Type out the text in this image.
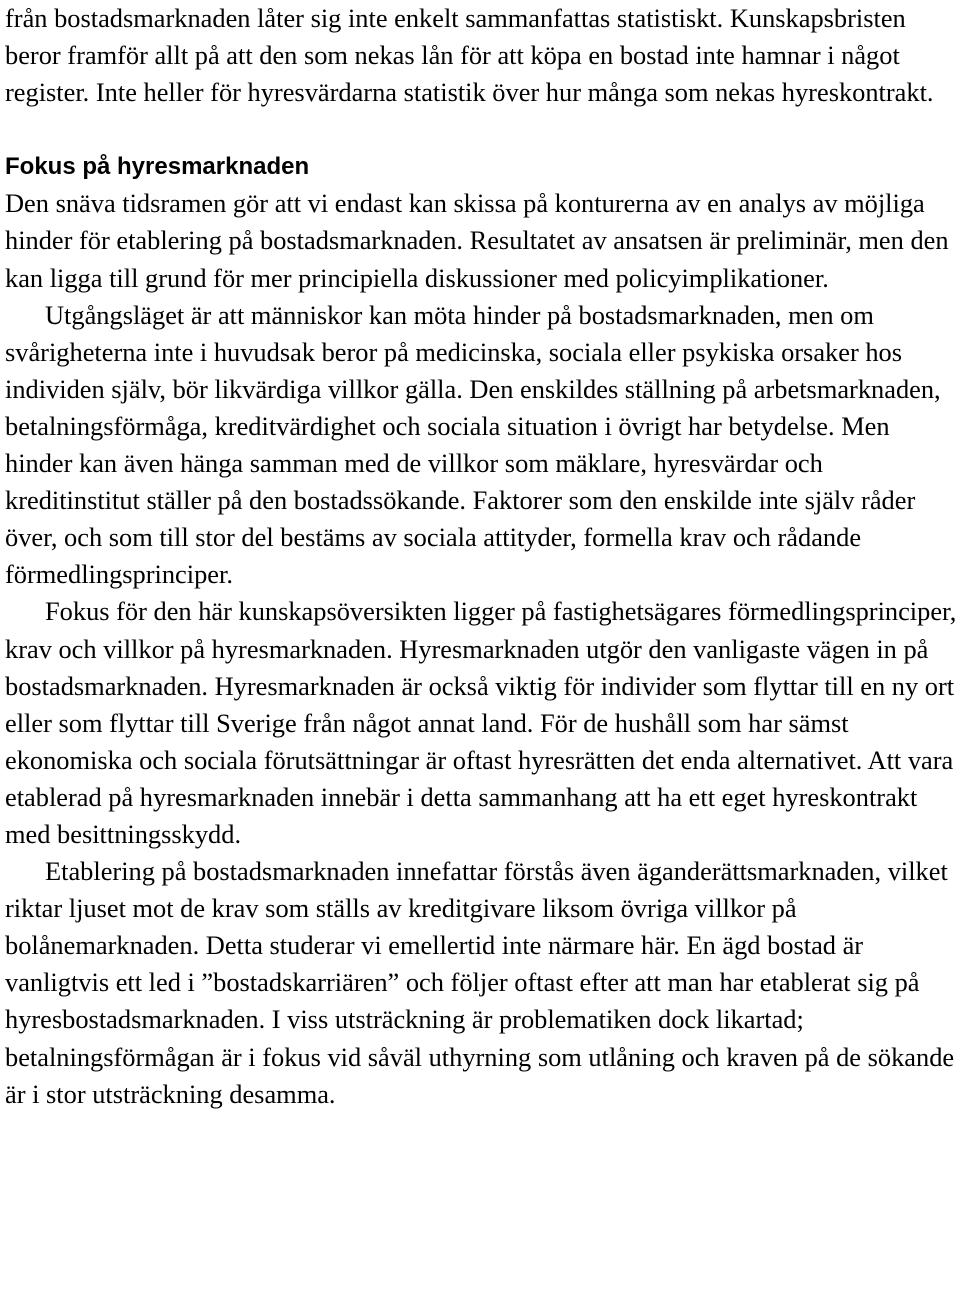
från bostadsmarknaden låter sig inte enkelt sammanfattas statistiskt. Kunskapsbristen beror framför allt på att den som nekas lån för att köpa en bostad inte hamnar i något register. Inte heller för hyresvärdarna statistik över hur många som nekas hyreskontrakt.

Fokus på hyresmarknaden

Den snäva tidsramen gör att vi endast kan skissa på konturerna av en analys av möjliga hinder för etablering på bostadsmarknaden. Resultatet av ansatsen är preliminär, men den kan ligga till grund för mer principiella diskussioner med policyimplikationer.

Utgångsläget är att människor kan möta hinder på bostadsmarknaden, men om svårigheterna inte i huvudsak beror på medicinska, sociala eller psykiska orsaker hos individen själv, bör likvärdiga villkor gälla. Den enskildes ställning på arbetsmarknaden, betalningsförmåga, kreditvärdighet och sociala situation i övrigt har betydelse. Men hinder kan även hänga samman med de villkor som mäklare, hyresvärdar och kreditinstitut ställer på den bostadssökande. Faktorer som den enskilde inte själv råder över, och som till stor del bestäms av sociala attityder, formella krav och rådande förmedlingsprinciper.

Fokus för den här kunskapsöversikten ligger på fastighetsägares förmedlingsprinciper, krav och villkor på hyresmarknaden. Hyresmarknaden utgör den vanligaste vägen in på bostadsmarknaden. Hyresmarknaden är också viktig för individer som flyttar till en ny ort eller som flyttar till Sverige från något annat land. För de hushåll som har sämst ekonomiska och sociala förutsättningar är oftast hyresrätten det enda alternativet. Att vara etablerad på hyresmarknaden innebär i detta sammanhang att ha ett eget hyreskontrakt med besittningsskydd.

Etablering på bostadsmarknaden innefattar förstås även äganderättsmarknaden, vilket riktar ljuset mot de krav som ställs av kreditgivare liksom övriga villkor på bolånemarknaden. Detta studerar vi emellertid inte närmare här. En ägd bostad är vanligtvis ett led i ”bostadskarriären” och följer oftast efter att man har etablerat sig på hyresbostadsmarknaden. I viss utsträckning är problematiken dock likartad; betalningsförmågan är i fokus vid såväl uthyrning som utlåning och kraven på de sökande är i stor utsträckning desamma.
